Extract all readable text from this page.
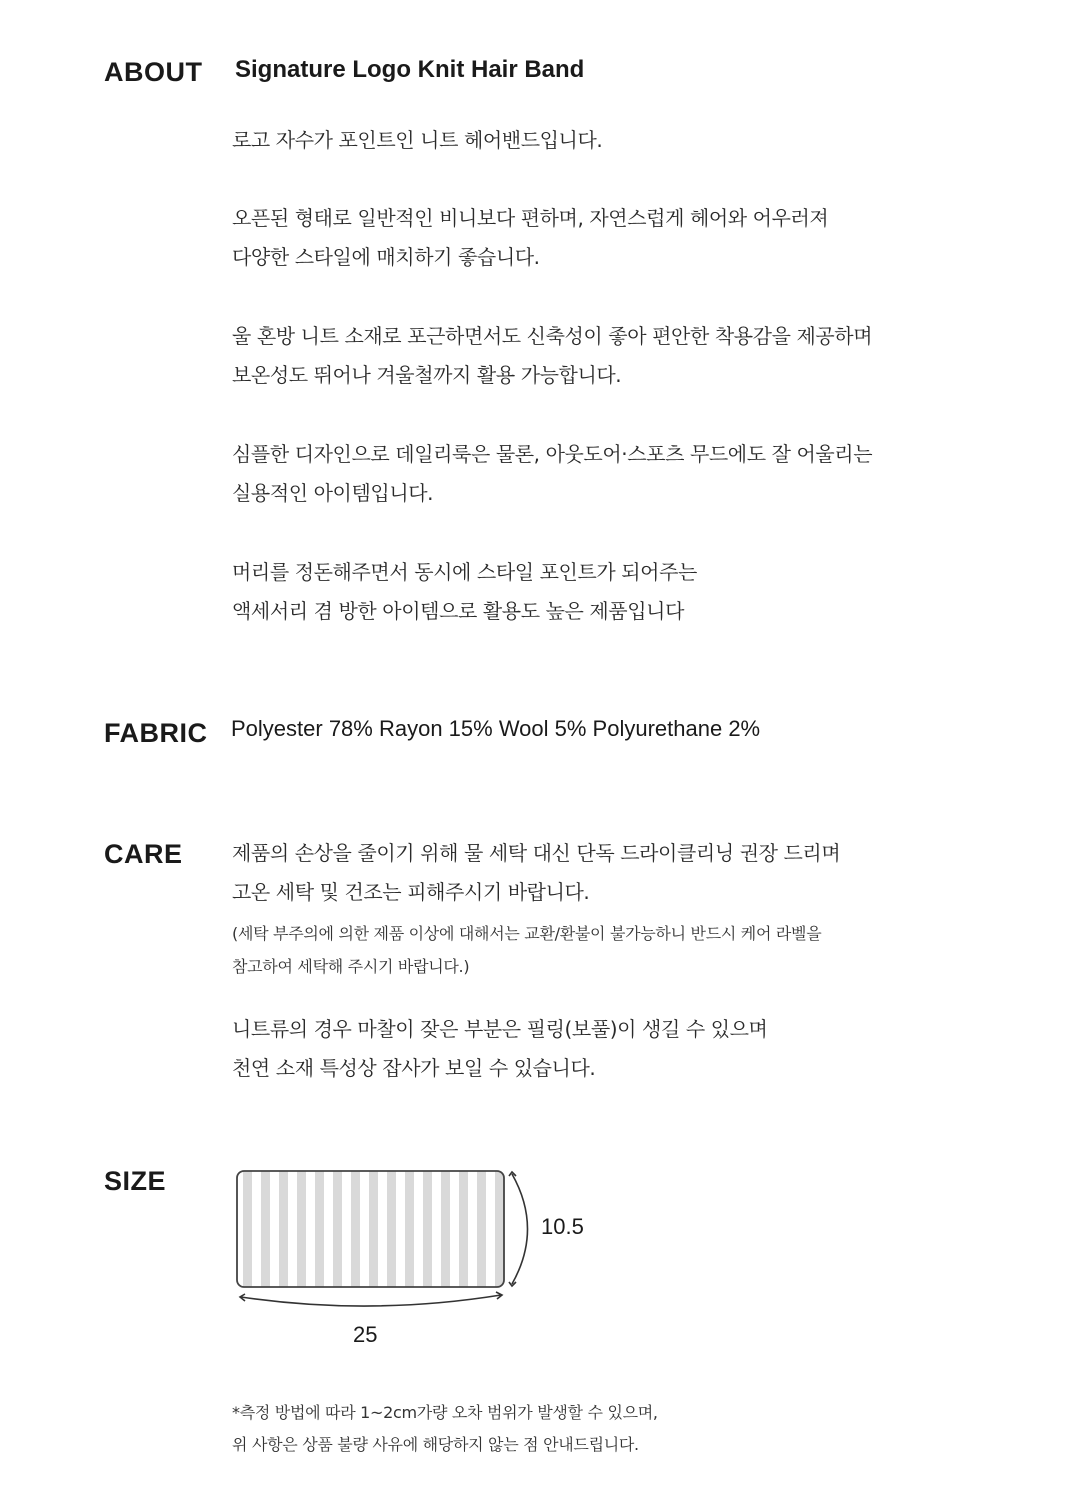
ABOUT Signature Logo Knit Hair Band

로고 자수가 포인트인 니트 헤어밴드입니다.

오픈된 형태로 일반적인 비니보다 편하며, 자연스럽게 헤어와 어우러져
다양한 스타일에 매치하기 좋습니다.

울 혼방 니트 소재로 포근하면서도 신축성이 좋아 편안한 착용감을 제공하며
보온성도 뛰어나 겨울철까지 활용 가능합니다.

심플한 디자인으로 데일리룩은 물론, 아웃도어·스포츠 무드에도 잘 어울리는
실용적인 아이템입니다.

머리를 정돈해주면서 동시에 스타일 포인트가 되어주는
액세서리 겸 방한 아이템으로 활용도 높은 제품입니다

FABRIC Polyester 78% Rayon 15% Wool 5% Polyurethane 2%

CARE 제품의 손상을 줄이기 위해 물 세탁 대신 단독 드라이클리닝 권장 드리며
고온 세탁 및 건조는 피해주시기 바랍니다.

(세탁 부주의에 의한 제품 이상에 대해서는 교환/환불이 불가능하니 반드시 케어 라벨을
참고하여 세탁해 주시기 바랍니다.)

니트류의 경우 마찰이 잦은 부분은 필링(보풀)이 생길 수 있으며
천연 소재 특성상 잡사가 보일 수 있습니다.

SIZE

10.5

25

*측정 방법에 따라 1~2cm가량 오차 범위가 발생할 수 있으며,
위 사항은 상품 불량 사유에 해당하지 않는 점 안내드립니다.
